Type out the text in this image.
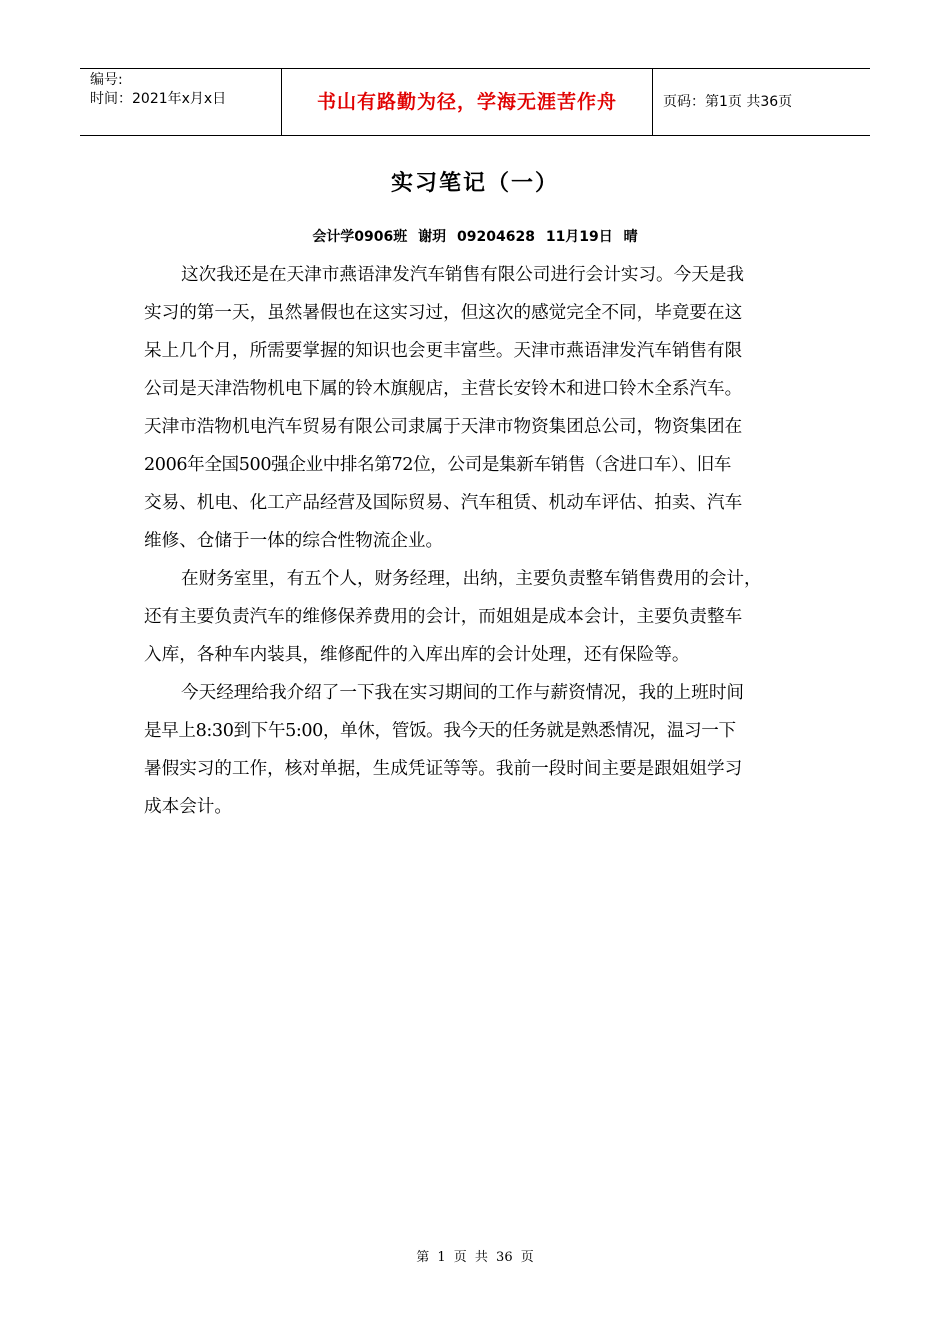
编号:
时间：2021年x月x日	书山有路勤为径，学海无涯苦作舟	页码：第1页 共36页
实习笔记（一）
会计学0906班 谢玥 09204628 11月19日 晴
这次我还是在天津市燕语津发汽车销售有限公司进行会计实习。今天是我
实习的第一天，虽然暑假也在这实习过，但这次的感觉完全不同，毕竟要在这
呆上几个月，所需要掌握的知识也会更丰富些。天津市燕语津发汽车销售有限
公司是天津浩物机电下属的铃木旗舰店，主营长安铃木和进口铃木全系汽车。
天津市浩物机电汽车贸易有限公司隶属于天津市物资集团总公司，物资集团在
2006年全国500强企业中排名第72位，公司是集新车销售（含进口车）、旧车
交易、机电、化工产品经营及国际贸易、汽车租赁、机动车评估、拍卖、汽车
维修、仓储于一体的综合性物流企业。
在财务室里，有五个人，财务经理，出纳，主要负责整车销售费用的会计，
还有主要负责汽车的维修保养费用的会计，而姐姐是成本会计，主要负责整车
入库，各种车内装具，维修配件的入库出库的会计处理，还有保险等。
今天经理给我介绍了一下我在实习期间的工作与薪资情况，我的上班时间
是早上8:30到下午5:00，单休，管饭。我今天的任务就是熟悉情况，温习一下
暑假实习的工作，核对单据，生成凭证等等。我前一段时间主要是跟姐姐学习
成本会计。
第 1 页 共 36 页
